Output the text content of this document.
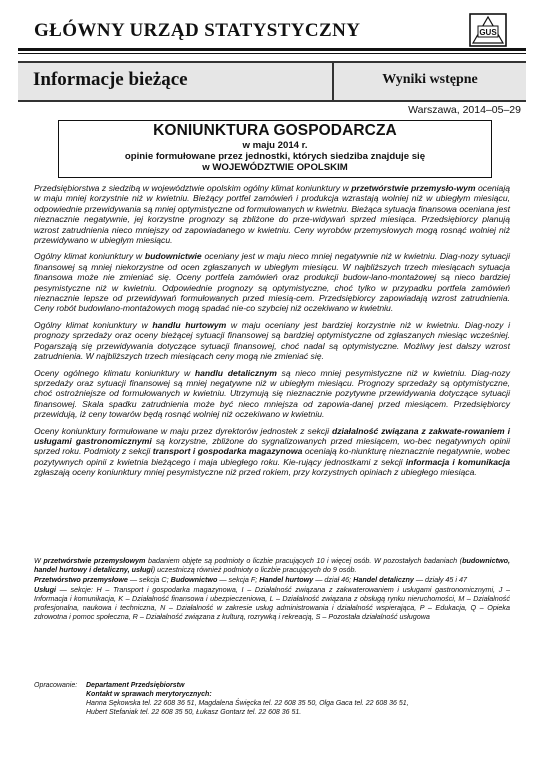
GŁÓWNY URZĄD STATYSTYCZNY	GUS
Informacje bieżące	Wyniki wstępne
Warszawa, 2014–05–29
KONIUNKTURA GOSPODARCZA
w maju 2014 r.
opinie formułowane przez jednostki, których siedziba znajduje się
w WOJEWÓDZTWIE OPOLSKIM

Przedsiębiorstwa z siedzibą w województwie opolskim ogólny klimat koniunktury w przetwórstwie przemysło-wym oceniają w maju mniej korzystnie niż w kwietniu. Bieżący portfel zamówień i produkcja wzrastają wolniej niż w ubiegłym miesiącu, odpowiednie przewidywania są mniej optymistyczne od formułowanych w kwietniu. Bieżąca sytuacja finansowa oceniana jest nieznacznie negatywnie, jej korzystne prognozy są zbliżone do prze-widywań sprzed miesiąca. Przedsiębiorcy planują wzrost zatrudnienia nieco mniejszy od zapowiadanego w kwietniu. Ceny wyrobów przemysłowych mogą rosnąć wolniej niż przewidywano w ubiegłym miesiącu.

Ogólny klimat koniunktury w budownictwie oceniany jest w maju nieco mniej negatywnie niż w kwietniu. Diag-nozy sytuacji finansowej są mniej niekorzystne od ocen zgłaszanych w ubiegłym miesiącu. W najbliższych trzech miesiącach sytuacja finansowa może nie zmieniać się. Oceny portfela zamówień oraz produkcji budow-lano-montażowej są nieco bardziej pesymistyczne niż w kwietniu. Odpowiednie prognozy są optymistyczne, choć tylko w przypadku portfela zamówień nieznacznie lepsze od przewidywań formułowanych przed miesią-cem. Przedsiębiorcy zapowiadają wzrost zatrudnienia. Ceny robót budowlano-montażowych mogą spadać nie-co szybciej niż oczekiwano w kwietniu.

Ogólny klimat koniunktury w handlu hurtowym w maju oceniany jest bardziej korzystnie niż w kwietniu. Diag-nozy i prognozy sprzedaży oraz oceny bieżącej sytuacji finansowej są bardziej optymistyczne od zgłaszanych miesiąc wcześniej. Pogarszają się przewidywania dotyczące sytuacji finansowej, choć nadal są optymistyczne. Możliwy jest dalszy wzrost zatrudnienia. W najbliższych trzech miesiącach ceny mogą nie zmieniać się.

Oceny ogólnego klimatu koniunktury w handlu detalicznym są nieco mniej pesymistyczne niż w kwietniu. Diag-nozy sprzedaży oraz sytuacji finansowej są mniej negatywne niż w ubiegłym miesiącu. Prognozy sprzedaży są optymistyczne, choć ostrożniejsze od formułowanych w kwietniu. Utrzymują się nieznacznie pozytywne przewidywania dotyczące sytuacji finansowej. Skala spadku zatrudnienia może być nieco mniejsza od zapowia-danej przed miesiącem. Przedsiębiorcy przewidują, iż ceny towarów będą rosnąć wolniej niż oczekiwano w kwietniu.

Oceny koniunktury formułowane w maju przez dyrektorów jednostek z sekcji działalność związana z zakwate-rowaniem i usługami gastronomicznymi są korzystne, zbliżone do sygnalizowanych przed miesiącem, wo-bec negatywnych opinii sprzed roku. Podmioty z sekcji transport i gospodarka magazynowa oceniają ko-niunkturę nieznacznie negatywnie, wobec pozytywnych opinii z kwietnia bieżącego i maja ubiegłego roku. Kie-rujący jednostkami z sekcji informacja i komunikacja zgłaszają oceny koniunktury mniej pesymistyczne niż przed rokiem, przy korzystnych opiniach z ubiegłego miesiąca.

W przetwórstwie przemysłowym badaniem objęte są podmioty o liczbie pracujących 10 i więcej osób. W pozostałych badaniach (budownictwo, handel hurtowy i detaliczny, usługi) uczestniczą również podmioty o liczbie pracujących do 9 osób.

Przetwórstwo przemysłowe — sekcja C; Budownictwo — sekcja F; Handel hurtowy — dział 46; Handel detaliczny — działy 45 i 47

Usługi — sekcje: H – Transport i gospodarka magazynowa, I – Działalność związana z zakwaterowaniem i usługami gastronomicznymi, J – Informacja i komunikacja, K – Działalność finansowa i ubezpieczeniowa, L – Działalność związana z obsługą rynku nieruchomości, M – Działalność profesjonalna, naukowa i techniczna, N – Działalność w zakresie usług administrowania i działalność wspierająca, P – Edukacja, Q – Opieka zdrowotna i pomoc społeczna, R – Działalność związana z kulturą, rozrywką i rekreacją, S – Pozostała działalność usługowa

Opracowanie: Departament Przedsiębiorstw
Kontakt w sprawach merytorycznych:
Hanna Sękowska tel. 22 608 36 51, Magdalena Święcka tel. 22 608 35 50, Olga Gaca tel. 22 608 36 51,
Hubert Stefaniak tel. 22 608 35 50, Łukasz Gontarz tel. 22 608 36 51.
